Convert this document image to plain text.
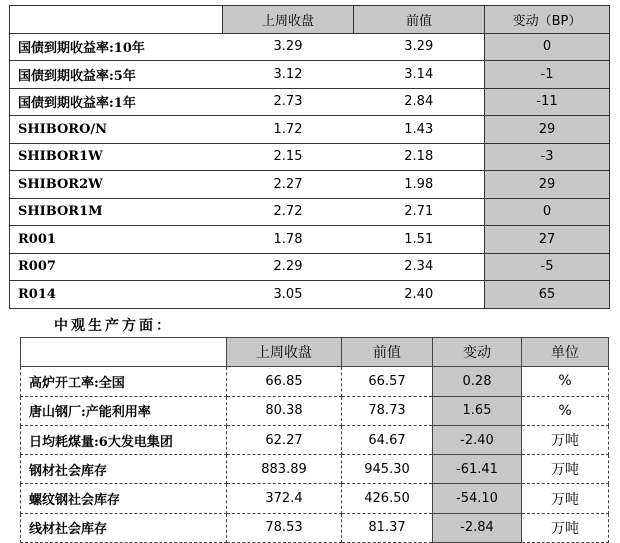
	上周收盘	前值	变动（BP）
国债到期收益率:10年	3.29	3.29	0
国债到期收益率:5年	3.12	3.14	-1
国债到期收益率:1年	2.73	2.84	-11
SHIBORO/N	1.72	1.43	29
SHIBOR1W	2.15	2.18	-3
SHIBOR2W	2.27	1.98	29
SHIBOR1M	2.72	2.71	0
R001	1.78	1.51	27
R007	2.29	2.34	-5
R014	3.05	2.40	65
中观生产方面：
	上周收盘	前值	变动	单位
高炉开工率:全国	66.85	66.57	0.28	%
唐山钢厂:产能利用率	80.38	78.73	1.65	%
日均耗煤量:6大发电集团	62.27	64.67	-2.40	万吨
钢材社会库存	883.89	945.30	-61.41	万吨
螺纹钢社会库存	372.4	426.50	-54.10	万吨
线材社会库存	78.53	81.37	-2.84	万吨
